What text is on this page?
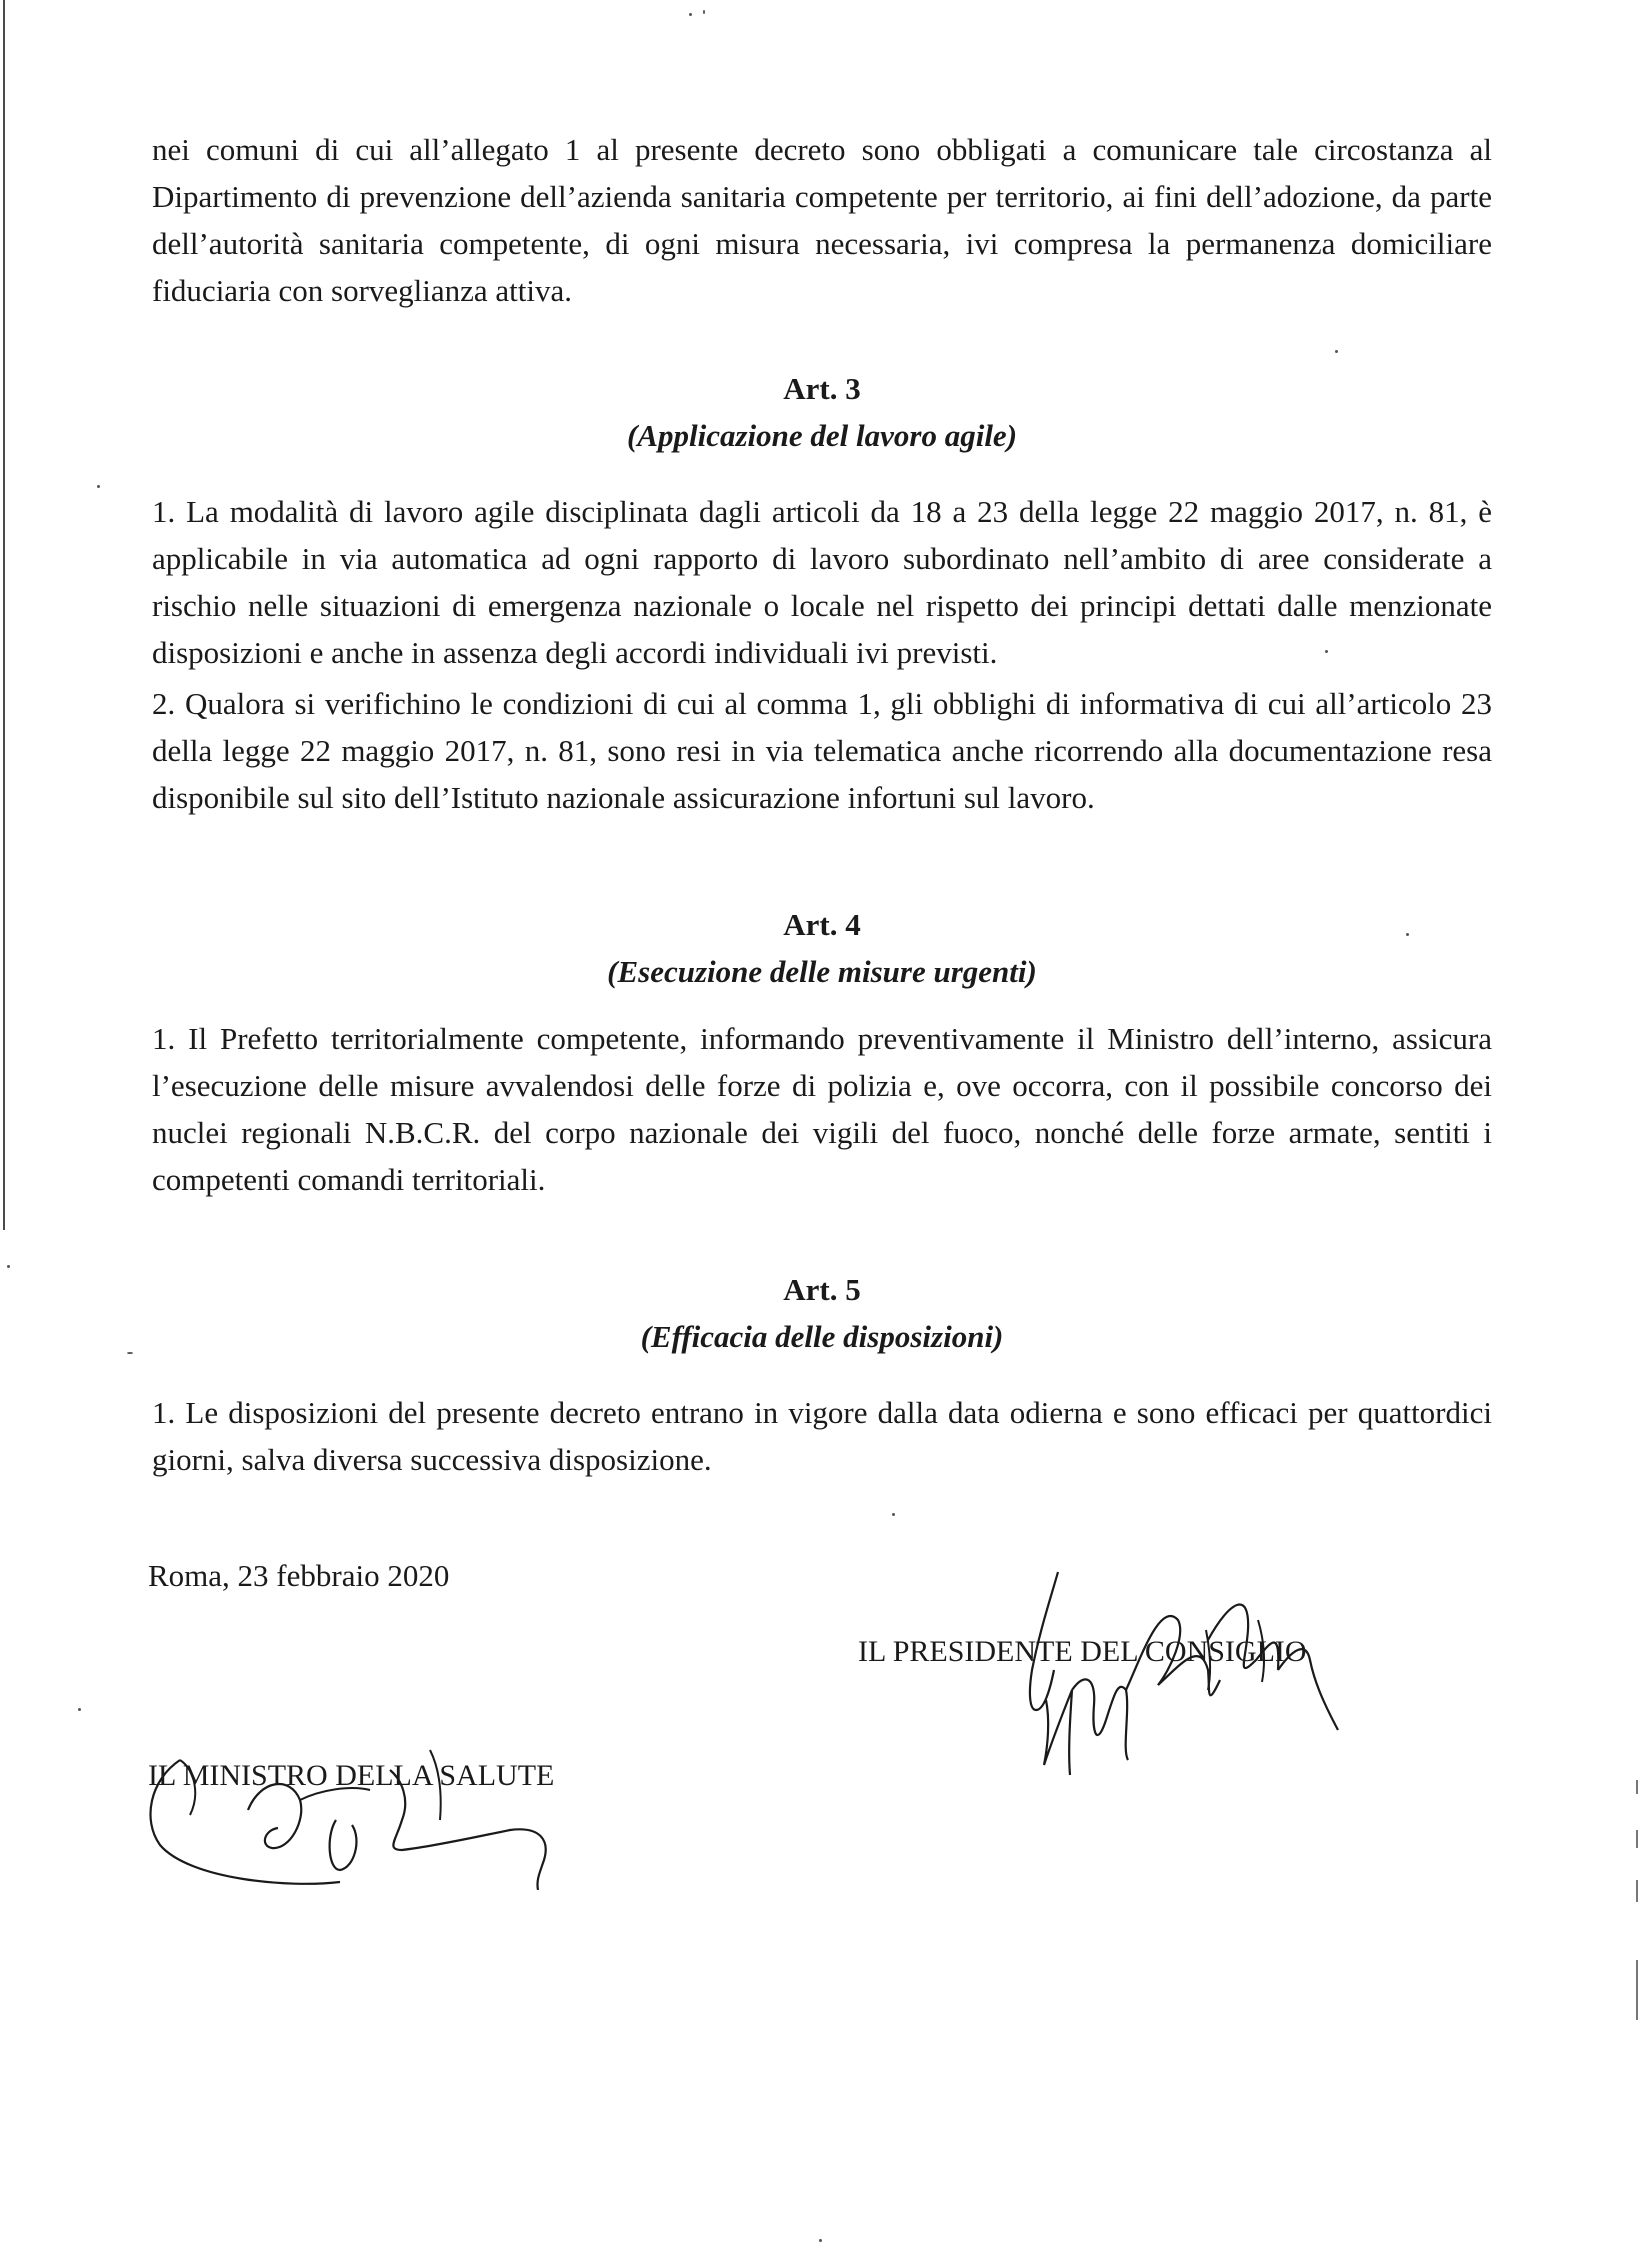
nei comuni di cui all’allegato 1 al presente decreto sono obbligati a comunicare tale circostanza al Dipartimento di prevenzione dell’azienda sanitaria competente per territorio, ai fini dell’adozione, da parte dell’autorità sanitaria competente, di ogni misura necessaria, ivi compresa la permanenza domiciliare fiduciaria con sorveglianza attiva.

Art. 3

(Applicazione del lavoro agile)

1. La modalità di lavoro agile disciplinata dagli articoli da 18 a 23 della legge 22 maggio 2017, n. 81, è applicabile in via automatica ad ogni rapporto di lavoro subordinato nell’ambito di aree considerate a rischio nelle situazioni di emergenza nazionale o locale nel rispetto dei principi dettati dalle menzionate disposizioni e anche in assenza degli accordi individuali ivi previsti.

2. Qualora si verifichino le condizioni di cui al comma 1, gli obblighi di informativa di cui all’articolo 23 della legge 22 maggio 2017, n. 81, sono resi in via telematica anche ricorrendo alla documentazione resa disponibile sul sito dell’Istituto nazionale assicurazione infortuni sul lavoro.

Art. 4

(Esecuzione delle misure urgenti)

1. Il Prefetto territorialmente competente, informando preventivamente il Ministro dell’interno, assicura l’esecuzione delle misure avvalendosi delle forze di polizia e, ove occorra, con il possibile concorso dei nuclei regionali N.B.C.R. del corpo nazionale dei vigili del fuoco, nonché delle forze armate, sentiti i competenti comandi territoriali.

Art. 5

(Efficacia delle disposizioni)

1. Le disposizioni del presente decreto entrano in vigore dalla data odierna e sono efficaci per quattordici giorni, salva diversa successiva disposizione.

Roma, 23 febbraio 2020
IL PRESIDENTE DEL CONSIGLIO
IL MINISTRO DELLA SALUTE
